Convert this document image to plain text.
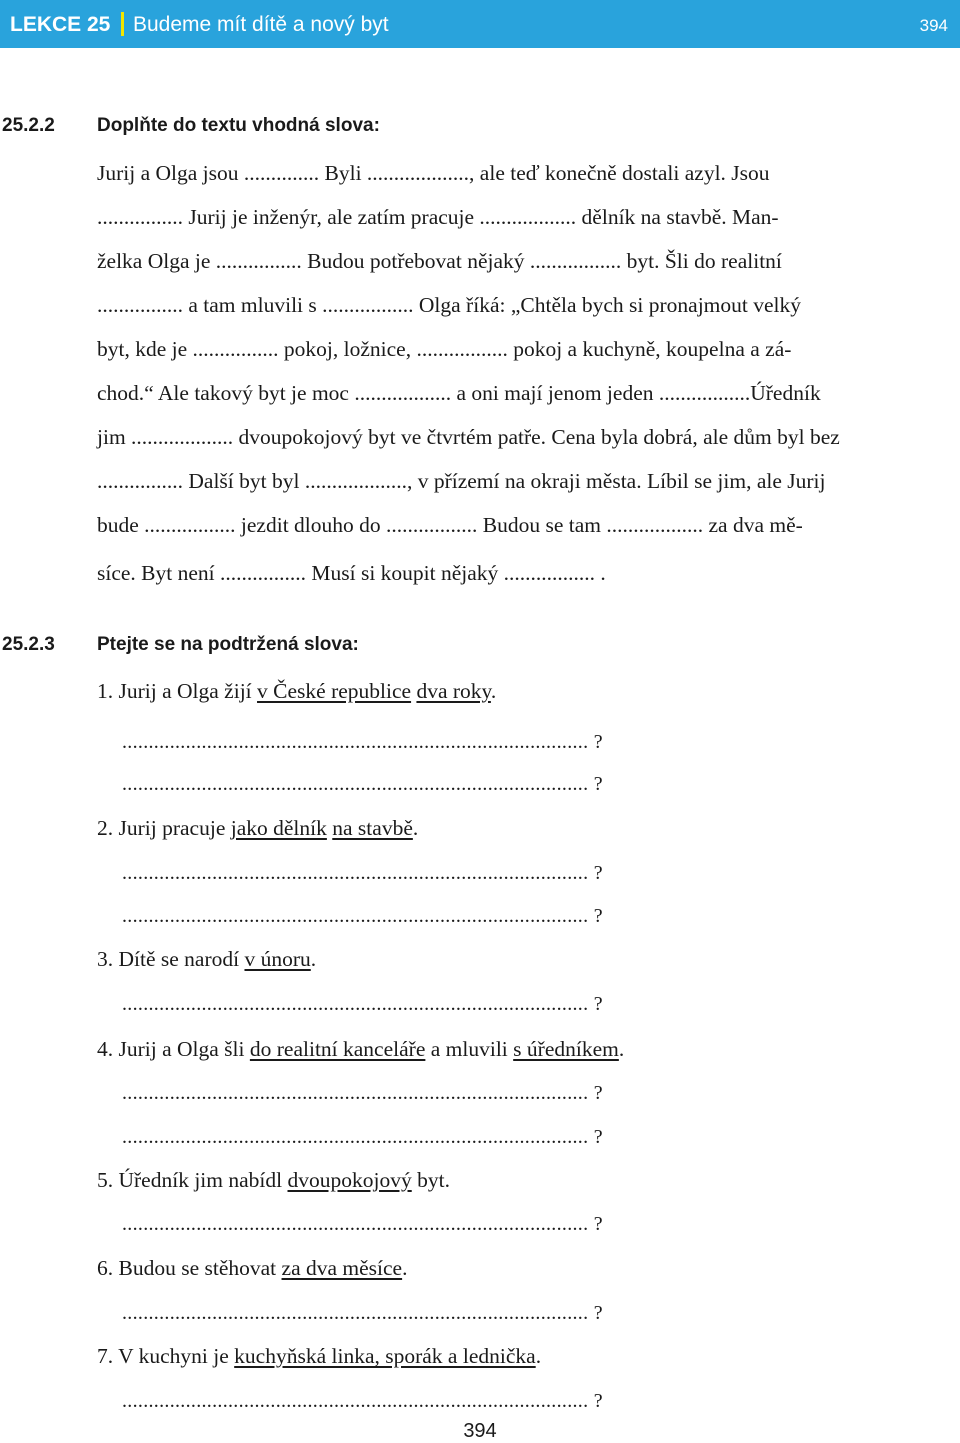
LEKCE 25 Budeme mít dítě a nový byt	394
25.2.2 Doplňte do textu vhodná slova:
Jurij a Olga jsou .............. Byli ..................., ale teď konečně dostali azyl. Jsou
................ Jurij je inženýr, ale zatím pracuje .................. dělník na stavbě. Man-
želka Olga je ................ Budou potřebovat nějaký ................. byt. Šli do realitní
................ a tam mluvili s ................. Olga říká: „Chtěla bych si pronajmout velký
byt, kde je ................ pokoj, ložnice, ................. pokoj a kuchyně, koupelna a zá-
chod.“ Ale takový byt je moc .................. a oni mají jenom jeden .................Úředník
jim ................... dvoupokojový byt ve čtvrtém patře. Cena byla dobrá, ale dům byl bez
................ Další byt byl ..................., v přízemí na okraji města. Líbil se jim, ale Jurij
bude ................. jezdit dlouho do ................. Budou se tam .................. za dva mě-
síce. Byt není ................ Musí si koupit nějaký ................. .
25.2.3 Ptejte se na podtržená slova:
1. Jurij a Olga žijí v České republice dva roky.
........................................................................................ ?
........................................................................................ ?
2. Jurij pracuje jako dělník na stavbě.
........................................................................................ ?
........................................................................................ ?
3. Dítě se narodí v únoru.
........................................................................................ ?
4. Jurij a Olga šli do realitní kanceláře a mluvili s úředníkem.
........................................................................................ ?
........................................................................................ ?
5. Úředník jim nabídl dvoupokojový byt.
........................................................................................ ?
6. Budou se stěhovat za dva měsíce.
........................................................................................ ?
7. V kuchyni je kuchyňská linka, sporák a lednička.
........................................................................................ ?
394
